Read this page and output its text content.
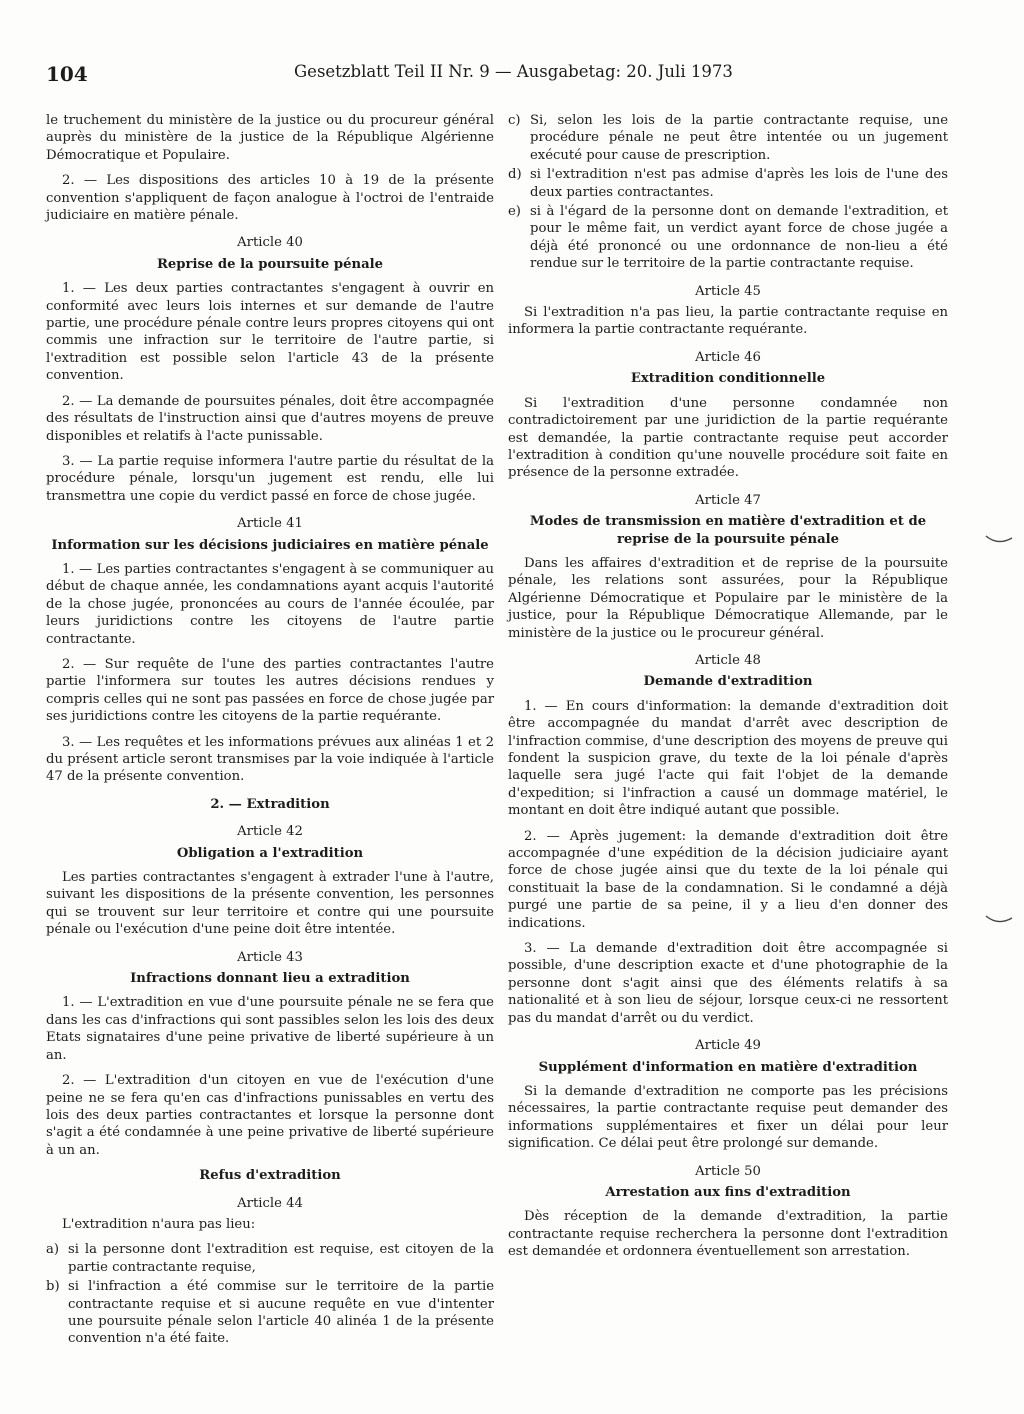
104	Gesetzblatt Teil II Nr. 9 — Ausgabetag: 20. Juli 1973

le truchement du ministère de la justice ou du procureur général auprès du ministère de la justice de la République Algérienne Démocratique et Populaire.

2. — Les dispositions des articles 10 à 19 de la présente convention s'appliquent de façon analogue à l'octroi de l'entraide judiciaire en matière pénale.

Article 40
Reprise de la poursuite pénale

1. — Les deux parties contractantes s'engagent à ouvrir en conformité avec leurs lois internes et sur demande de l'autre partie, une procédure pénale contre leurs propres citoyens qui ont commis une infraction sur le territoire de l'autre partie, si l'extradition est possible selon l'article 43 de la présente convention.

2. — La demande de poursuites pénales, doit être accompagnée des résultats de l'instruction ainsi que d'autres moyens de preuve disponibles et relatifs à l'acte punissable.

3. — La partie requise informera l'autre partie du résultat de la procédure pénale, lorsqu'un jugement est rendu, elle lui transmettra une copie du verdict passé en force de chose jugée.

Article 41
Information sur les décisions judiciaires en matière pénale

1. — Les parties contractantes s'engagent à se communiquer au début de chaque année, les condamnations ayant acquis l'autorité de la chose jugée, prononcées au cours de l'année écoulée, par leurs juridictions contre les citoyens de l'autre partie contractante.

2. — Sur requête de l'une des parties contractantes l'autre partie l'informera sur toutes les autres décisions rendues y compris celles qui ne sont pas passées en force de chose jugée par ses juridictions contre les citoyens de la partie requérante.

3. — Les requêtes et les informations prévues aux alinéas 1 et 2 du présent article seront transmises par la voie indiquée à l'article 47 de la présente convention.

2. — Extradition
Article 42
Obligation a l'extradition

Les parties contractantes s'engagent à extrader l'une à l'autre, suivant les dispositions de la présente convention, les personnes qui se trouvent sur leur territoire et contre qui une poursuite pénale ou l'exécution d'une peine doit être intentée.

Article 43
Infractions donnant lieu a extradition

1. — L'extradition en vue d'une poursuite pénale ne se fera que dans les cas d'infractions qui sont passibles selon les lois des deux Etats signataires d'une peine privative de liberté supérieure à un an.

2. — L'extradition d'un citoyen en vue de l'exécution d'une peine ne se fera qu'en cas d'infractions punissables en vertu des lois des deux parties contractantes et lorsque la personne dont s'agit a été condamnée à une peine privative de liberté supérieure à un an.

Refus d'extradition
Article 44

L'extradition n'aura pas lieu:

a) si la personne dont l'extradition est requise, est citoyen de la partie contractante requise,
b) si l'infraction a été commise sur le territoire de la partie contractante requise et si aucune requête en vue d'intenter une poursuite pénale selon l'article 40 alinéa 1 de la présente convention n'a été faite.
c) Si, selon les lois de la partie contractante requise, une procédure pénale ne peut être intentée ou un jugement exécuté pour cause de prescription.
d) si l'extradition n'est pas admise d'après les lois de l'une des deux parties contractantes.
e) si à l'égard de la personne dont on demande l'extradition, et pour le même fait, un verdict ayant force de chose jugée a déjà été prononcé ou une ordonnance de non-lieu a été rendue sur le territoire de la partie contractante requise.
Article 45

Si l'extradition n'a pas lieu, la partie contractante requise en informera la partie contractante requérante.

Article 46
Extradition conditionnelle

Si l'extradition d'une personne condamnée non contradictoirement par une juridiction de la partie requérante est demandée, la partie contractante requise peut accorder l'extradition à condition qu'une nouvelle procédure soit faite en présence de la personne extradée.

Article 47
Modes de transmission en matière d'extradition et de reprise de la poursuite pénale

Dans les affaires d'extradition et de reprise de la poursuite pénale, les relations sont assurées, pour la République Algérienne Démocratique et Populaire par le ministère de la justice, pour la République Démocratique Allemande, par le ministère de la justice ou le procureur général.

Article 48
Demande d'extradition

1. — En cours d'information: la demande d'extradition doit être accompagnée du mandat d'arrêt avec description de l'infraction commise, d'une description des moyens de preuve qui fondent la suspicion grave, du texte de la loi pénale d'après laquelle sera jugé l'acte qui fait l'objet de la demande d'expedition; si l'infraction a causé un dommage matériel, le montant en doit être indiqué autant que possible.

2. — Après jugement: la demande d'extradition doit être accompagnée d'une expédition de la décision judiciaire ayant force de chose jugée ainsi que du texte de la loi pénale qui constituait la base de la condamnation. Si le condamné a déjà purgé une partie de sa peine, il y a lieu d'en donner des indications.

3. — La demande d'extradition doit être accompagnée si possible, d'une description exacte et d'une photographie de la personne dont s'agit ainsi que des éléments relatifs à sa nationalité et à son lieu de séjour, lorsque ceux-ci ne ressortent pas du mandat d'arrêt ou du verdict.

Article 49
Supplément d'information en matière d'extradition

Si la demande d'extradition ne comporte pas les précisions nécessaires, la partie contractante requise peut demander des informations supplémentaires et fixer un délai pour leur signification. Ce délai peut être prolongé sur demande.

Article 50
Arrestation aux fins d'extradition

Dès réception de la demande d'extradition, la partie contractante requise recherchera la personne dont l'extradition est demandée et ordonnera éventuellement son arrestation.
